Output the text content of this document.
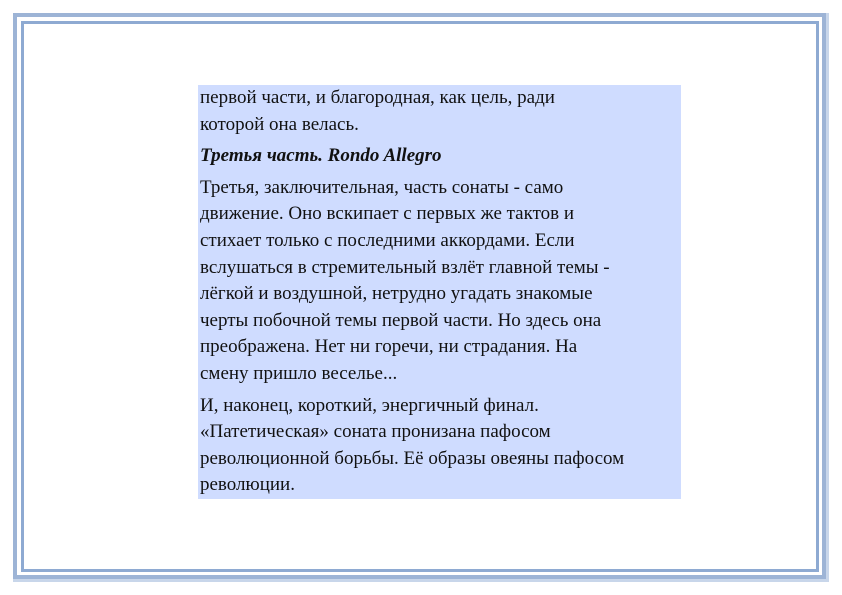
первой части, и благородная, как цель, ради
которой она велась.

Третья часть. Rondo Allegro

Третья, заключительная, часть сонаты - само
движение. Оно вскипает с первых же тактов и
стихает только с последними аккордами. Если
вслушаться в стремительный взлёт главной темы -
лёгкой и воздушной, нетрудно угадать знакомые
черты побочной темы первой части. Но здесь она
преображена. Нет ни горечи, ни страдания. На
смену пришло веселье...

И, наконец, короткий, энергичный финал.
«Патетическая» соната пронизана пафосом
революционной борьбы. Её образы овеяны пафосом
революции.
